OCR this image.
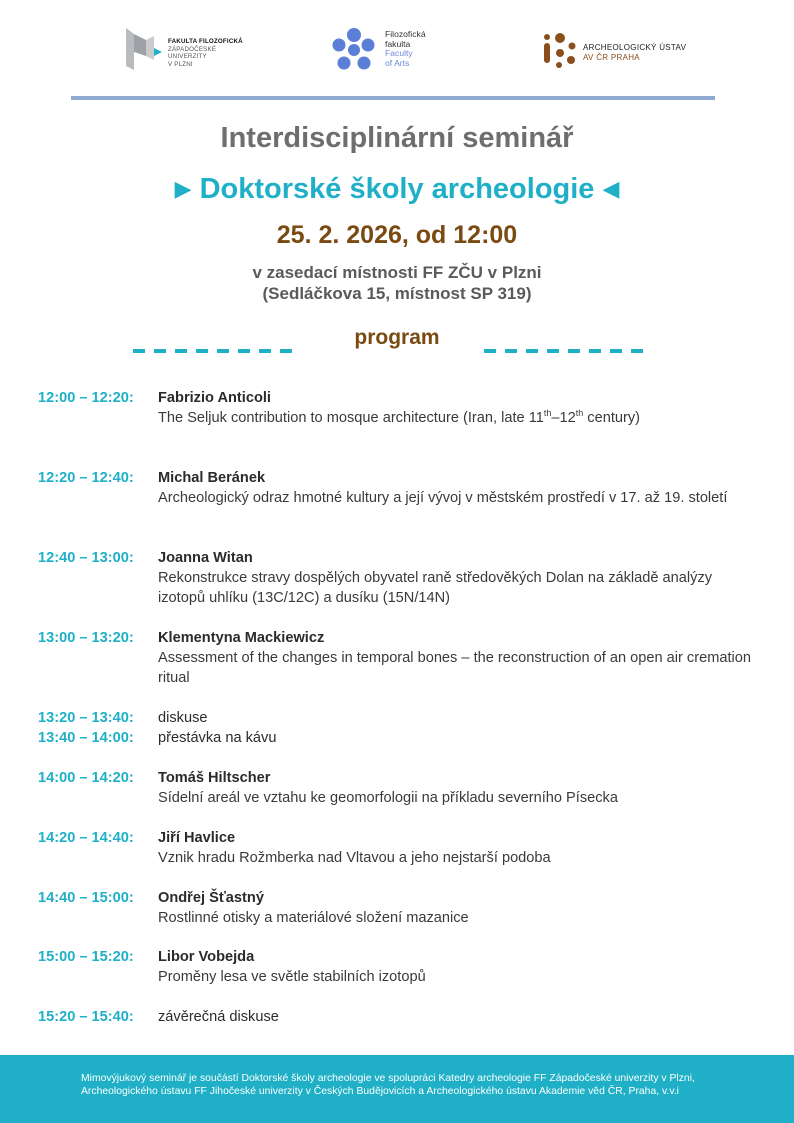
FAKULTA FILOZOFICKÁ
ZÁPADOČESKÉ
UNIVERZITY
V PLZNI
Filozofická
fakulta
Faculty
of Arts
ARCHEOLOGICKÝ ÚSTAV
AV ČR PRAHA
Interdisciplinární seminář
▶ Doktorské školy archeologie ◀
25. 2. 2026, od 12:00
v zasedací místnosti FF ZČU v Plzni
(Sedláčkova 15, místnost SP 319)
program
12:00 – 12:20: Fabrizio Anticoli
The Seljuk contribution to mosque architecture (Iran, late 11th–12th century)
12:20 – 12:40: Michal Beránek
Archeologický odraz hmotné kultury a její vývoj v městském prostředí v 17. až 19. století
12:40 – 13:00: Joanna Witan
Rekonstrukce stravy dospělých obyvatel raně středověkých Dolan na základě analýzy izotopů uhlíku (13C/12C) a dusíku (15N/14N)
13:00 – 13:20: Klementyna Mackiewicz
Assessment of the changes in temporal bones – the reconstruction of an open air cremation ritual
13:20 – 13:40: diskuse
13:40 – 14:00: přestávka na kávu
14:00 – 14:20: Tomáš Hiltscher
Sídelní areál ve vztahu ke geomorfologii na příkladu severního Písecka
14:20 – 14:40: Jiří Havlice
Vznik hradu Rožmberka nad Vltavou a jeho nejstarší podoba
14:40 – 15:00: Ondřej Šťastný
Rostlinné otisky a materiálové složení mazanice
15:00 – 15:20: Libor Vobejda
Proměny lesa ve světle stabilních izotopů
15:20 – 15:40: závěrečná diskuse
Mimovýjukový seminář je součástí Doktorské školy archeologie ve spolupráci Katedry archeologie FF Západočeské univerzity v Plzni, Archeologického ústavu FF Jihočeské univerzity v Českých Budějovicích a Archeologického ústavu Akademie věd ČR, Praha, v.v.i
